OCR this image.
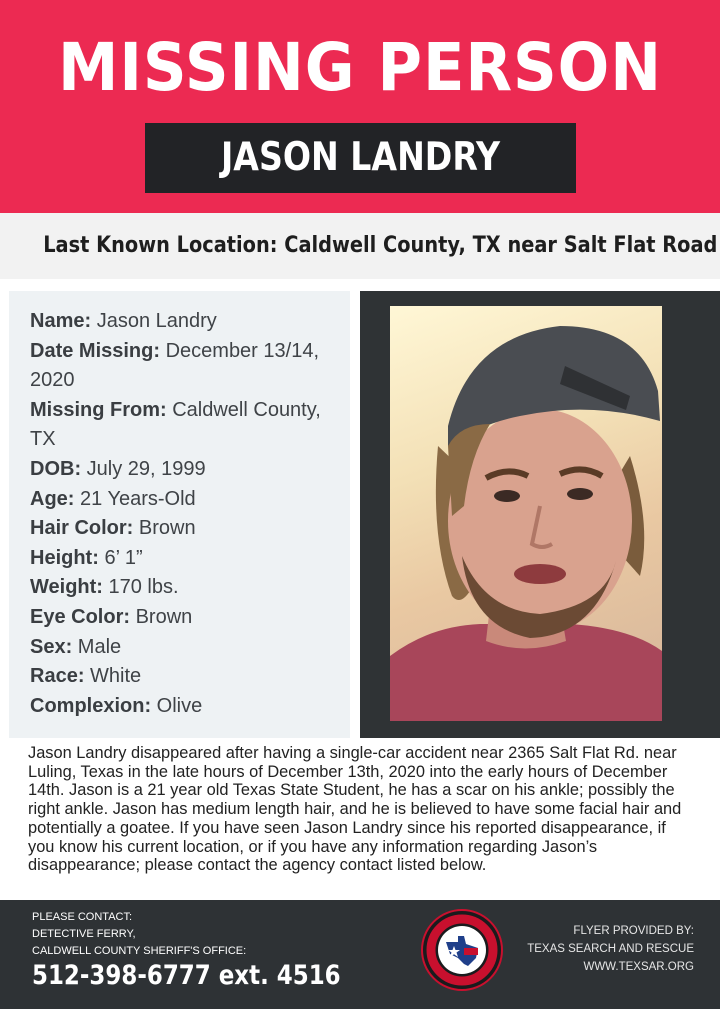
MISSING PERSON
JASON LANDRY
Last Known Location: Caldwell County, TX near Salt Flat Road
Name: Jason Landry
Date Missing: December 13/14, 2020
Missing From: Caldwell County, TX
DOB: July 29, 1999
Age: 21 Years-Old
Hair Color: Brown
Height: 6’ 1”
Weight: 170 lbs.
Eye Color: Brown
Sex: Male
Race: White
Complexion: Olive

Jason Landry disappeared after having a single-car accident near 2365 Salt Flat Rd. near Luling, Texas in the late hours of December 13th, 2020 into the early hours of December 14th. Jason is a 21 year old Texas State Student, he has a scar on his ankle; possibly the right ankle. Jason has medium length hair, and he is believed to have some facial hair and potentially a goatee. If you have seen Jason Landry since his reported disappearance, if you know his current location, or if you have any information regarding Jason’s disappearance; please contact the agency contact listed below.

PLEASE CONTACT:
DETECTIVE FERRY,
CALDWELL COUNTY SHERIFF'S OFFICE:
512-398-6777 ext. 4516
FLYER PROVIDED BY:
TEXAS SEARCH AND RESCUE
WWW.TEXSAR.ORG
